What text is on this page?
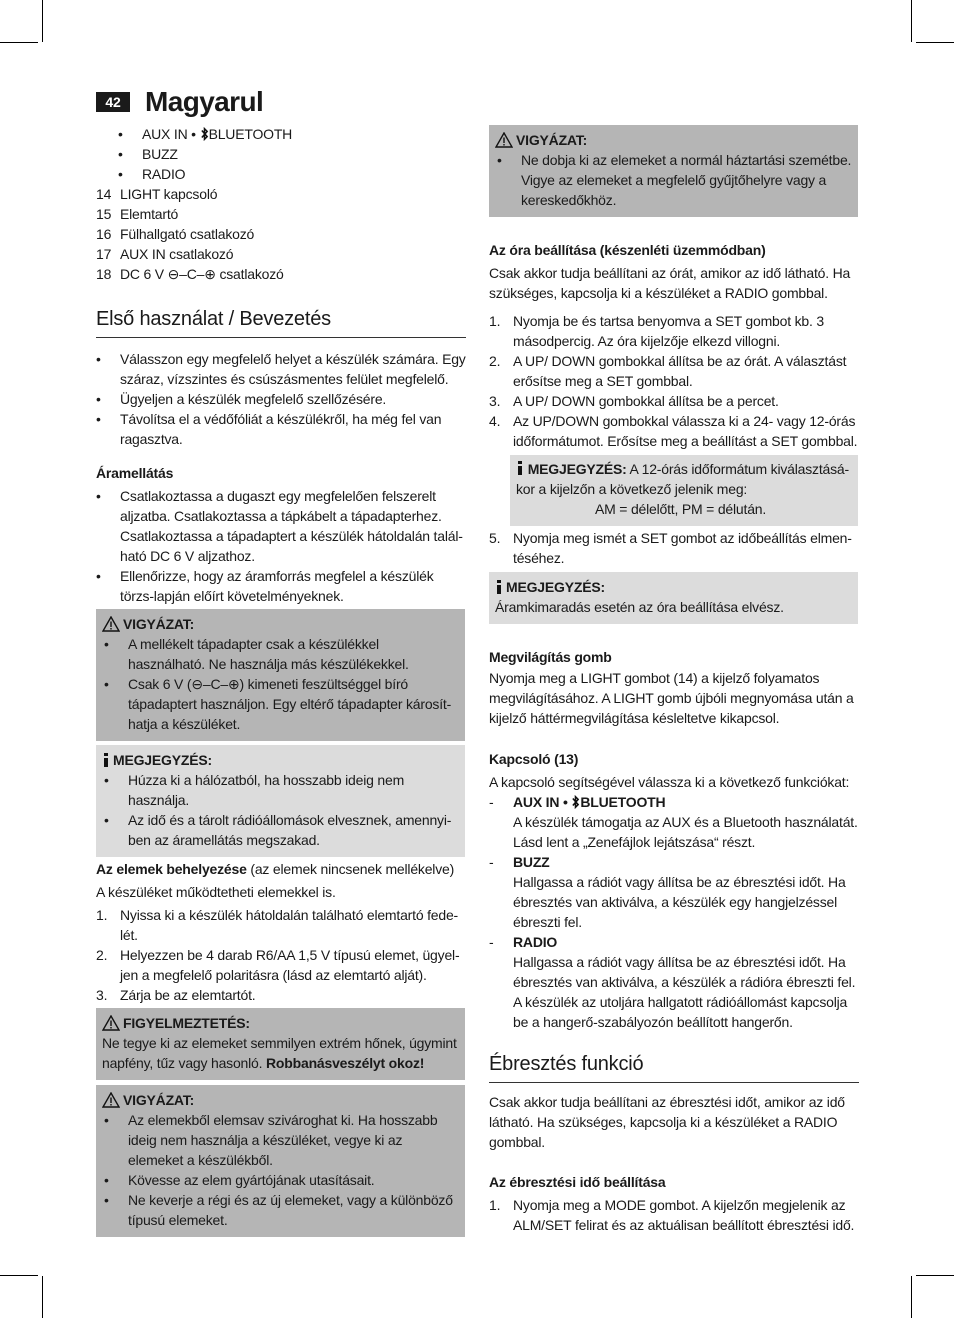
42 Magyarul
• AUX IN • BLUETOOTH
• BUZZ
• RADIO
14 LIGHT kapcsoló
15 Elemtartó
16 Fülhallgató csatlakozó
17 AUX IN csatlakozó
18 DC 6 V ⊖–C–⊕ csatlakozó
Első használat / Bevezetés
• Válasszon egy megfelelő helyet a készülék számára. Egy száraz, vízszintes és csúszásmentes felület megfelelő.
• Ügyeljen a készülék megfelelő szellőzésére.
• Távolítsa el a védőfóliát a készülékről, ha még fel van ragasztva.
Áramellátás
• Csatlakoztassa a dugaszt egy megfelelően felszerelt aljzatba. Csatlakoztassa a tápkábelt a tápadapterhez. Csatlakoztassa a tápadaptert a készülék hátoldalán talál-ható DC 6 V aljzathoz.
• Ellenőrizze, hogy az áramforrás megfelel a készülék törzs-lapján előírt követelményeknek.
VIGYÁZAT:
• A mellékelt tápadapter csak a készülékkel használható. Ne használja más készülékekkel.
• Csak 6 V (⊖–C–⊕) kimeneti feszültséggel bíró tápadaptert használjon. Egy eltérő tápadapter károsít-hatja a készüléket.
MEGJEGYZÉS:
• Húzza ki a hálózatból, ha hosszabb ideig nem használja.
• Az idő és a tárolt rádióállomások elvesznek, amennyi-ben az áramellátás megszakad.

Az elemek behelyezése (az elemek nincsenek mellékelve)

A készüléket működtetheti elemekkel is.

1. Nyissa ki a készülék hátoldalán található elemtartó fede-lét.
2. Helyezzen be 4 darab R6/AA 1,5 V típusú elemet, ügyel-jen a megfelelő polaritásra (lásd az elemtartó alját).
3. Zárja be az elemtartót.
FIGYELMEZTETÉS:

Ne tegye ki az elemeket semmilyen extrém hőnek, úgymint napfény, tűz vagy hasonló. Robbanásveszélyt okoz!

VIGYÁZAT:
• Az elemekből elemsav szivároghat ki. Ha hosszabb ideig nem használja a készüléket, vegye ki az elemeket a készülékből.
• Kövesse az elem gyártójának utasításait.
• Ne keverje a régi és az új elemeket, vagy a különböző típusú elemeket.
VIGYÁZAT:
• Ne dobja ki az elemeket a normál háztartási szemétbe. Vigye az elemeket a megfelelő gyűjtőhelyre vagy a kereskedőkhöz.
Az óra beállítása (készenléti üzemmódban)

Csak akkor tudja beállítani az órát, amikor az idő látható. Ha szükséges, kapcsolja ki a készüléket a RADIO gombbal.

1. Nyomja be és tartsa benyomva a SET gombot kb. 3 másodpercig. Az óra kijelzője elkezd villogni.
2. A UP/ DOWN gombokkal állítsa be az órát. A választást erősítse meg a SET gombbal.
3. A UP/ DOWN gombokkal állítsa be a percet.
4. Az UP/DOWN gombokkal válassza ki a 24- vagy 12-órás időformátumot. Erősítse meg a beállítást a SET gombbal.

MEGJEGYZÉS: A 12-órás időformátum kiválasztásá-kor a kijelzőn a következő jelenik meg:

AM = délelőtt, PM = délután.

5. Nyomja meg ismét a SET gombot az időbeállítás elmen-téséhez.
MEGJEGYZÉS:

Áramkimaradás esetén az óra beállítása elvész.

Megvilágítás gomb

Nyomja meg a LIGHT gombot (14) a kijelző folyamatos megvilágításához. A LIGHT gomb újbóli megnyomása után a kijelző háttérmegvilágítása késleltetve kikapcsol.

Kapcsoló (13)

A kapcsoló segítségével válassza ki a következő funkciókat:

- AUX IN • BLUETOOTH

A készülék támogatja az AUX és a Bluetooth használatát. Lásd lent a „Zenefájlok lejátszása“ részt.

- BUZZ

Hallgassa a rádiót vagy állítsa be az ébresztési időt. Ha ébresztés van aktiválva, a készülék egy hangjelzéssel ébreszti fel.

- RADIO

Hallgassa a rádiót vagy állítsa be az ébresztési időt. Ha ébresztés van aktiválva, a készülék a rádióra ébreszti fel. A készülék az utoljára hallgatott rádióállomást kapcsolja be a hangerő-szabályozón beállított hangerőn.

Ébresztés funkció

Csak akkor tudja beállítani az ébresztési időt, amikor az idő látható. Ha szükséges, kapcsolja ki a készüléket a RADIO gombbal.

Az ébresztési idő beállítása
1. Nyomja meg a MODE gombot. A kijelzőn megjelenik az ALM/SET felirat és az aktuálisan beállított ébresztési idő.
